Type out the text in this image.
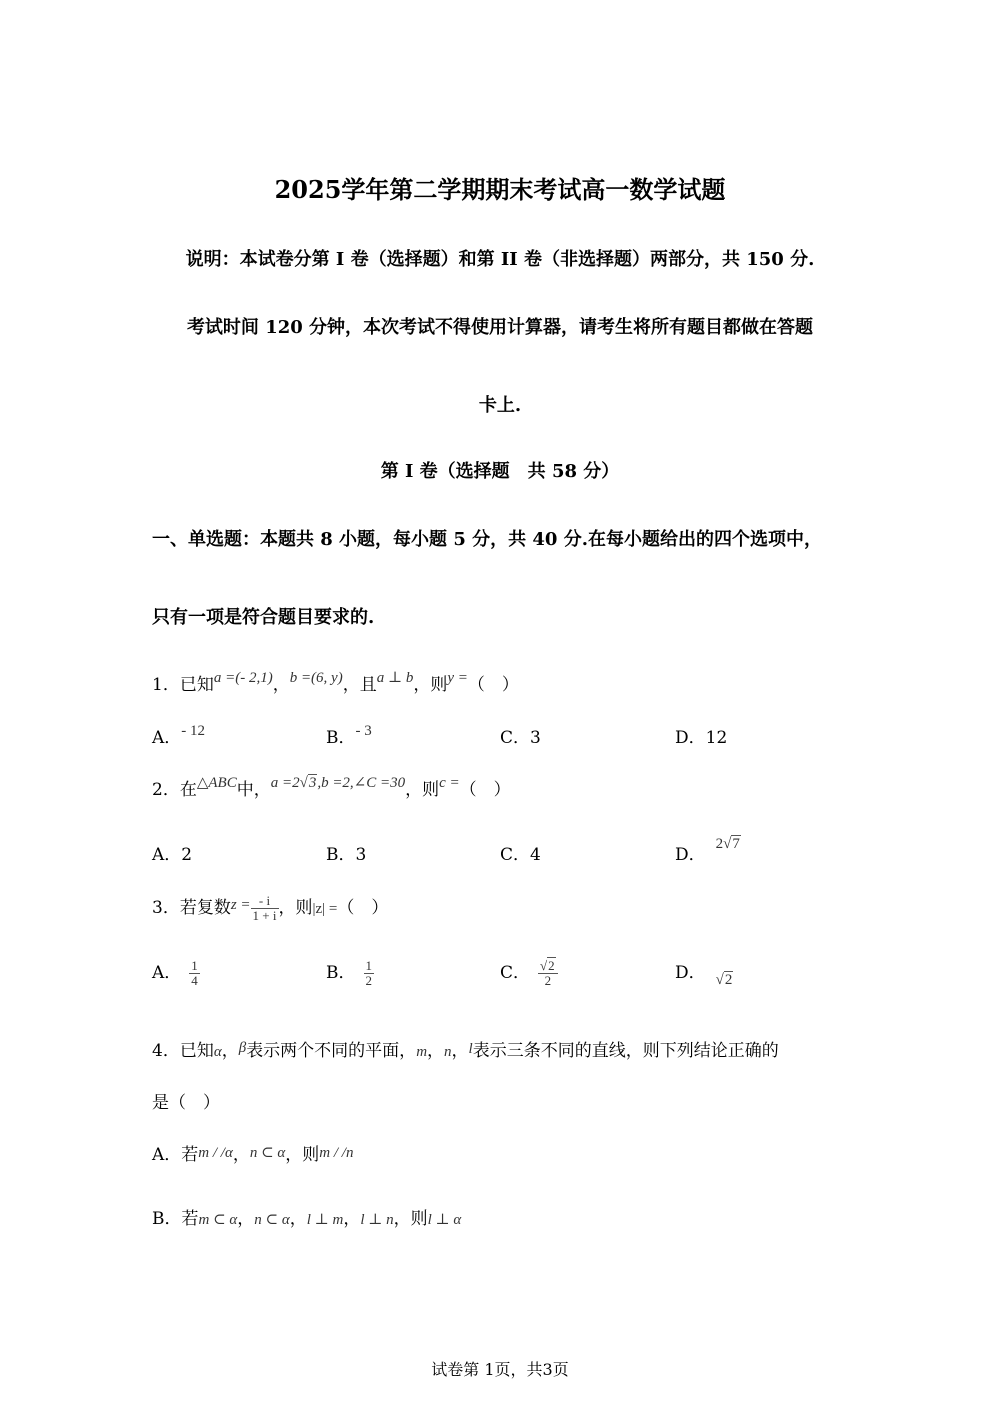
2025学年第二学期期末考试高一数学试题
说明：本试卷分第 I 卷（选择题）和第 II 卷（非选择题）两部分，共 150 分.
考试时间 120 分钟，本次考试不得使用计算器，请考生将所有题目都做在答题
卡上.
第 I 卷（选择题　共 58 分）
一、单选题：本题共 8 小题，每小题 5 分，共 40 分.在每小题给出的四个选项中，
只有一项是符合题目要求的.
1．已知a =(- 2,1)，b =(6, y)，且a ⊥ b，则y =（　）
A．- 12	B．- 3	C．3	D．12
2．在△ABC中，a =2√3,b =2,∠C =30，则c =（　）
A．2	B．3	C．4	D．2√7
3．若复数$z = \frac{- i}{1 + i}$ ，则|z| =（　）
A． $\frac{1}{4}$	B． $\frac{1}{2}$	C． $\frac{√2}{2}$	D． √2
4．已知α，β表示两个不同的平面，m，n，l表示三条不同的直线，则下列结论正确的
是（　）
A．若m / /α，n ⊂ α，则m / /n
B．若m ⊂ α，n ⊂ α，l ⊥ m，l ⊥ n，则l ⊥ α
试卷第 1页，共3页
